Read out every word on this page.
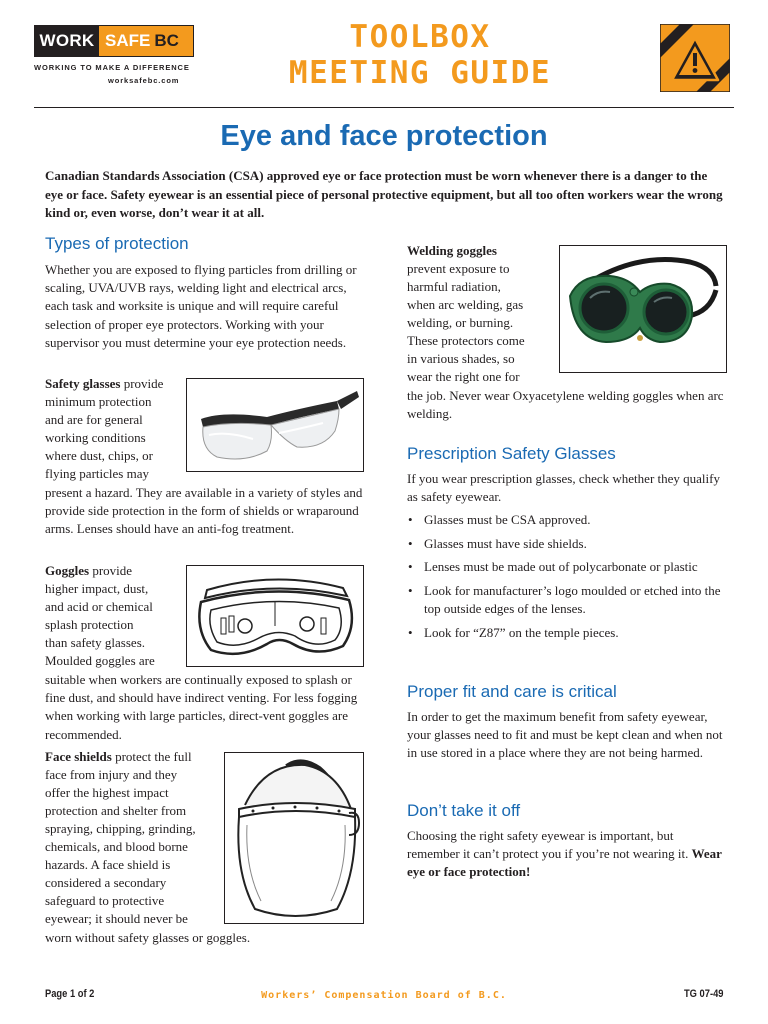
WORK SAFE BC
WORKING TO MAKE A DIFFERENCE
worksafebc.com
TOOLBOX
MEETING GUIDE
Eye and face protection

Canadian Standards Association (CSA) approved eye or face protection must be worn whenever there is a danger to the eye or face. Safety eyewear is an essential piece of personal protective equipment, but all too often workers wear the wrong kind or, even worse, don’t wear it at all.

Types of protection

Whether you are exposed to flying particles from drilling or scaling, UVA/UVB rays, welding light and electrical arcs, each task and worksite is unique and will require careful selection of proper eye protectors. Working with your supervisor you must determine your eye protection needs.

Safety glasses provide
minimum protection
and are for general
working conditions
where dust, chips, or
flying particles may

present a hazard. They are available in a variety of styles and provide side protection in the form of shields or wraparound arms. Lenses should have an anti-fog treatment.

Goggles provide
higher impact, dust,
and acid or chemical
splash protection
than safety glasses.
Moulded goggles are

suitable when workers are continually exposed to splash or fine dust, and should have indirect venting. For less fogging when working with large particles, direct-vent goggles are recommended.

Face shields protect the full
face from injury and they
offer the highest impact
protection and shelter from
spraying, chipping, grinding,
chemicals, and blood borne
hazards. A face shield is
considered a secondary
safeguard to protective
eyewear; it should never be
worn without safety glasses or goggles.
Welding goggles
prevent exposure to
harmful radiation,
when arc welding, gas
welding, or burning.
These protectors come
in various shades, so
wear the right one for

the job. Never wear Oxyacetylene welding goggles when arc welding.

Prescription Safety Glasses

If you wear prescription glasses, check whether they qualify as safety eyewear.

• Glasses must be CSA approved.
• Glasses must have side shields.
• Lenses must be made out of polycarbonate or plastic
• Look for manufacturer’s logo moulded or etched into the top outside edges of the lenses.
• Look for “Z87” on the temple pieces.
Proper fit and care is critical

In order to get the maximum benefit from safety eyewear, your glasses need to fit and must be kept clean and when not in use stored in a place where they are not being harmed.

Don’t take it off
Choosing the right safety eyewear is important, but remember it can’t protect you if you’re not wearing it. Wear eye or face protection!
Page 1 of 2	Workers’ Compensation Board of B.C.	TG 07-49
